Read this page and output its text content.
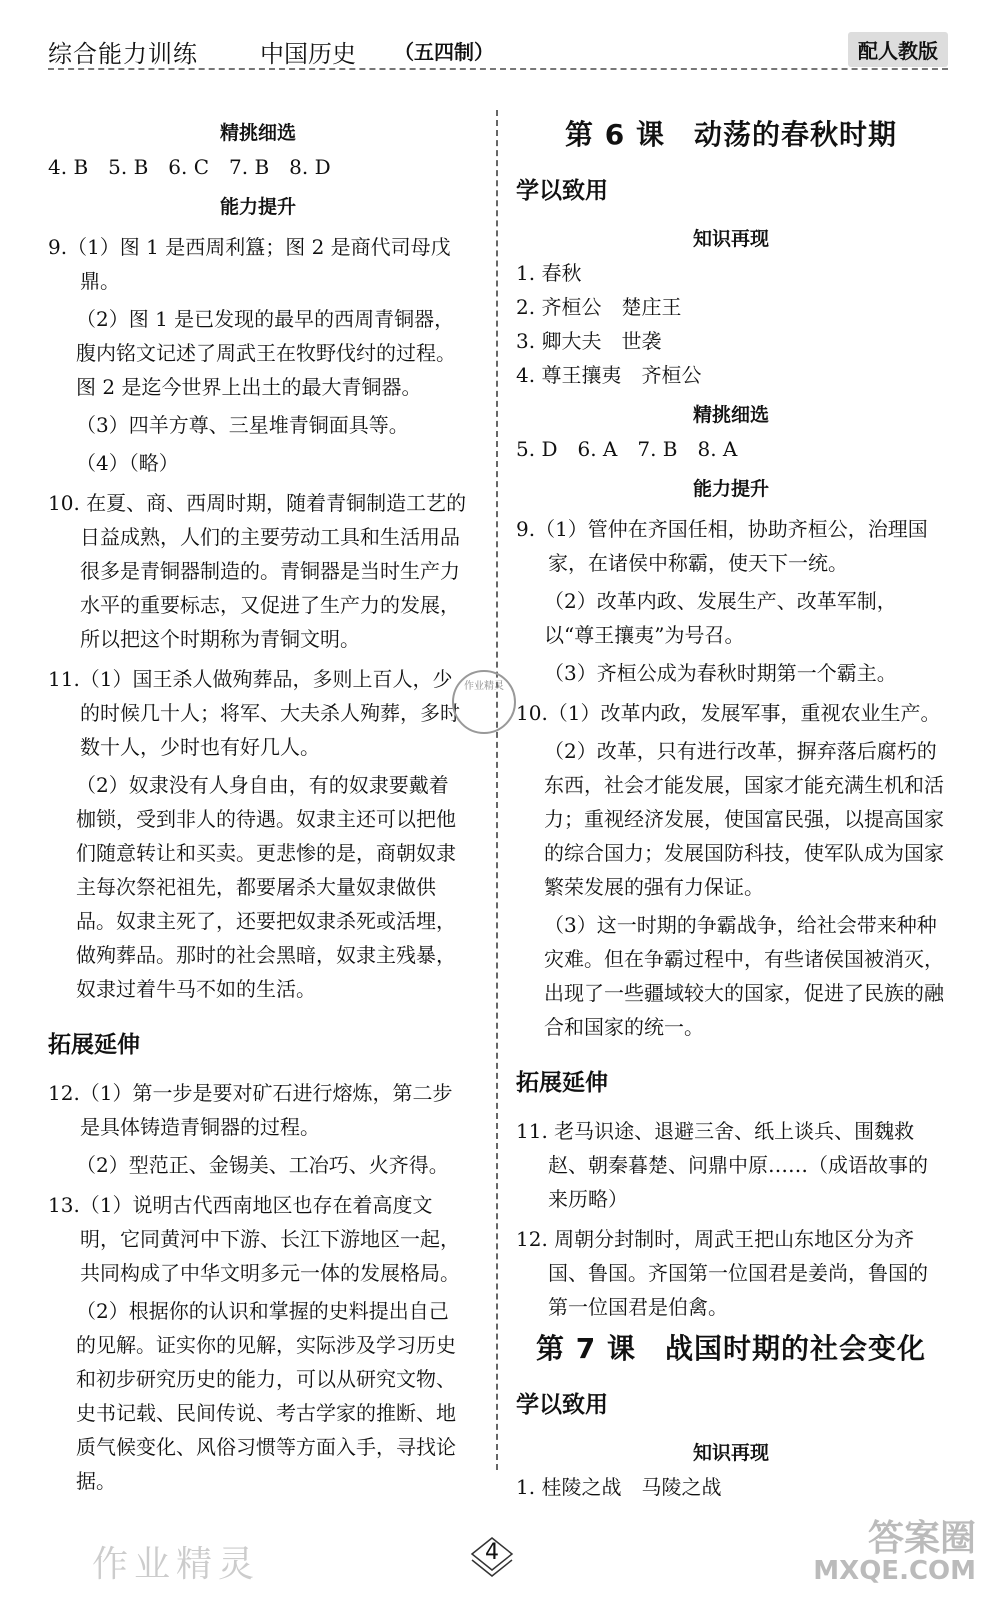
综合能力训练	中国历史 （五四制）	配人教版

精挑细选

4. B　5. B　6. C　7. B　8. D

能力提升

9.（1）图 1 是西周利簋；图 2 是商代司母戊鼎。

（2）图 1 是已发现的最早的西周青铜器，腹内铭文记述了周武王在牧野伐纣的过程。图 2 是迄今世界上出土的最大青铜器。

（3）四羊方尊、三星堆青铜面具等。

（4）（略）

10. 在夏、商、西周时期，随着青铜制造工艺的日益成熟，人们的主要劳动工具和生活用品很多是青铜器制造的。青铜器是当时生产力水平的重要标志，又促进了生产力的发展，所以把这个时期称为青铜文明。

11.（1）国王杀人做殉葬品，多则上百人，少的时候几十人；将军、大夫杀人殉葬，多时数十人，少时也有好几人。

（2）奴隶没有人身自由，有的奴隶要戴着枷锁，受到非人的待遇。奴隶主还可以把他们随意转让和买卖。更悲惨的是，商朝奴隶主每次祭祀祖先，都要屠杀大量奴隶做供品。奴隶主死了，还要把奴隶杀死或活埋，做殉葬品。那时的社会黑暗，奴隶主残暴，奴隶过着牛马不如的生活。

拓展延伸

12.（1）第一步是要对矿石进行熔炼，第二步是具体铸造青铜器的过程。

（2）型范正、金锡美、工冶巧、火齐得。

13.（1）说明古代西南地区也存在着高度文明，它同黄河中下游、长江下游地区一起，共同构成了中华文明多元一体的发展格局。

（2）根据你的认识和掌握的史料提出自己的见解。证实你的见解，实际涉及学习历史和初步研究历史的能力，可以从研究文物、史书记载、民间传说、考古学家的推断、地质气候变化、风俗习惯等方面入手，寻找论据。

第 6 课　动荡的春秋时期

学以致用

知识再现

1. 春秋

2. 齐桓公　楚庄王

3. 卿大夫　世袭

4. 尊王攘夷　齐桓公

精挑细选

5. D　6. A　7. B　8. A

能力提升

9.（1）管仲在齐国任相，协助齐桓公，治理国家，在诸侯中称霸，使天下一统。

（2）改革内政、发展生产、改革军制，以“尊王攘夷”为号召。

（3）齐桓公成为春秋时期第一个霸主。

10.（1）改革内政，发展军事，重视农业生产。

（2）改革，只有进行改革，摒弃落后腐朽的东西，社会才能发展，国家才能充满生机和活力；重视经济发展，使国富民强，以提高国家的综合国力；发展国防科技，使军队成为国家繁荣发展的强有力保证。

（3）这一时期的争霸战争，给社会带来种种灾难。但在争霸过程中，有些诸侯国被消灭，出现了一些疆域较大的国家，促进了民族的融合和国家的统一。

拓展延伸

11. 老马识途、退避三舍、纸上谈兵、围魏救赵、朝秦暮楚、问鼎中原……（成语故事的来历略）

12. 周朝分封制时，周武王把山东地区分为齐国、鲁国。齐国第一位国君是姜尚，鲁国的第一位国君是伯禽。

第 7 课　战国时期的社会变化

学以致用

知识再现

1. 桂陵之战　马陵之战

作业精灵
4
作业精灵
答案圈
MXQE.COM
